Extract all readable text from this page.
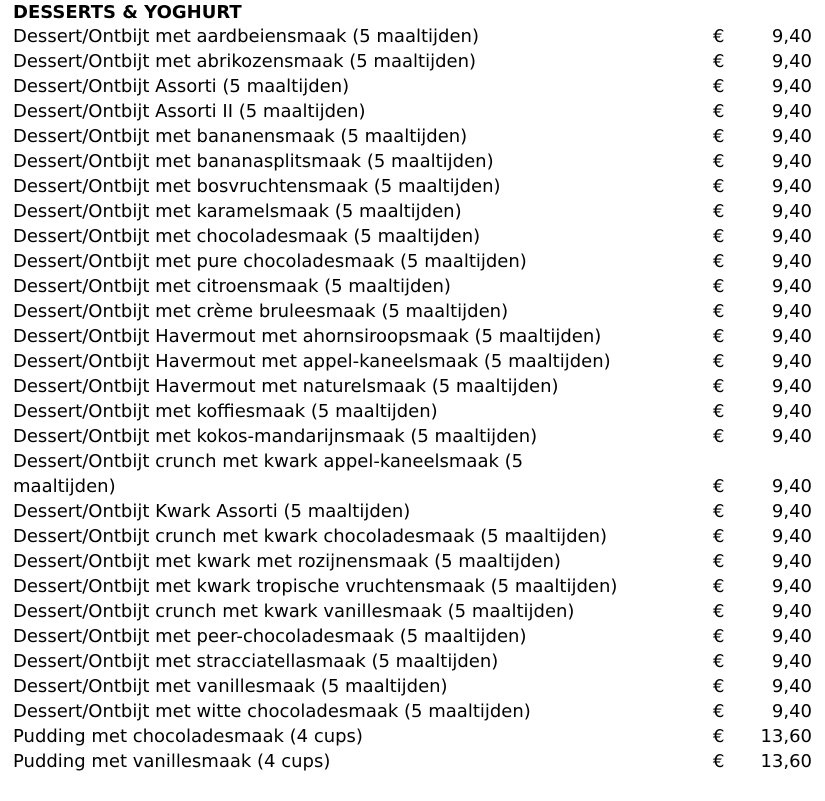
DESSERTS & YOGHURT
Dessert/Ontbijt met aardbeiensmaak (5 maaltijden)	€	9,40
Dessert/Ontbijt met abrikozensmaak (5 maaltijden)	€	9,40
Dessert/Ontbijt Assorti (5 maaltijden)	€	9,40
Dessert/Ontbijt Assorti II (5 maaltijden)	€	9,40
Dessert/Ontbijt met bananensmaak (5 maaltijden)	€	9,40
Dessert/Ontbijt met bananasplitsmaak (5 maaltijden)	€	9,40
Dessert/Ontbijt met bosvruchtensmaak (5 maaltijden)	€	9,40
Dessert/Ontbijt met karamelsmaak (5 maaltijden)	€	9,40
Dessert/Ontbijt met chocoladesmaak (5 maaltijden)	€	9,40
Dessert/Ontbijt met pure chocoladesmaak (5 maaltijden)	€	9,40
Dessert/Ontbijt met citroensmaak (5 maaltijden)	€	9,40
Dessert/Ontbijt met crème bruleesmaak (5 maaltijden)	€	9,40
Dessert/Ontbijt Havermout met ahornsiroopsmaak (5 maaltijden)	€	9,40
Dessert/Ontbijt Havermout met appel-kaneelsmaak (5 maaltijden)	€	9,40
Dessert/Ontbijt Havermout met naturelsmaak (5 maaltijden)	€	9,40
Dessert/Ontbijt met koffiesmaak (5 maaltijden)	€	9,40
Dessert/Ontbijt met kokos-mandarijnsmaak (5 maaltijden)	€	9,40
Dessert/Ontbijt crunch met kwark appel-kaneelsmaak (5 maaltijden)	€	9,40
Dessert/Ontbijt Kwark Assorti (5 maaltijden)	€	9,40
Dessert/Ontbijt crunch met kwark chocoladesmaak (5 maaltijden)	€	9,40
Dessert/Ontbijt met kwark met rozijnensmaak (5 maaltijden)	€	9,40
Dessert/Ontbijt met kwark tropische vruchtensmaak (5 maaltijden)	€	9,40
Dessert/Ontbijt crunch met kwark vanillesmaak (5 maaltijden)	€	9,40
Dessert/Ontbijt met peer-chocoladesmaak (5 maaltijden)	€	9,40
Dessert/Ontbijt met stracciatellasmaak (5 maaltijden)	€	9,40
Dessert/Ontbijt met vanillesmaak (5 maaltijden)	€	9,40
Dessert/Ontbijt met witte chocoladesmaak (5 maaltijden)	€	9,40
Pudding met chocoladesmaak (4 cups)	€	13,60
Pudding met vanillesmaak (4 cups)	€	13,60
